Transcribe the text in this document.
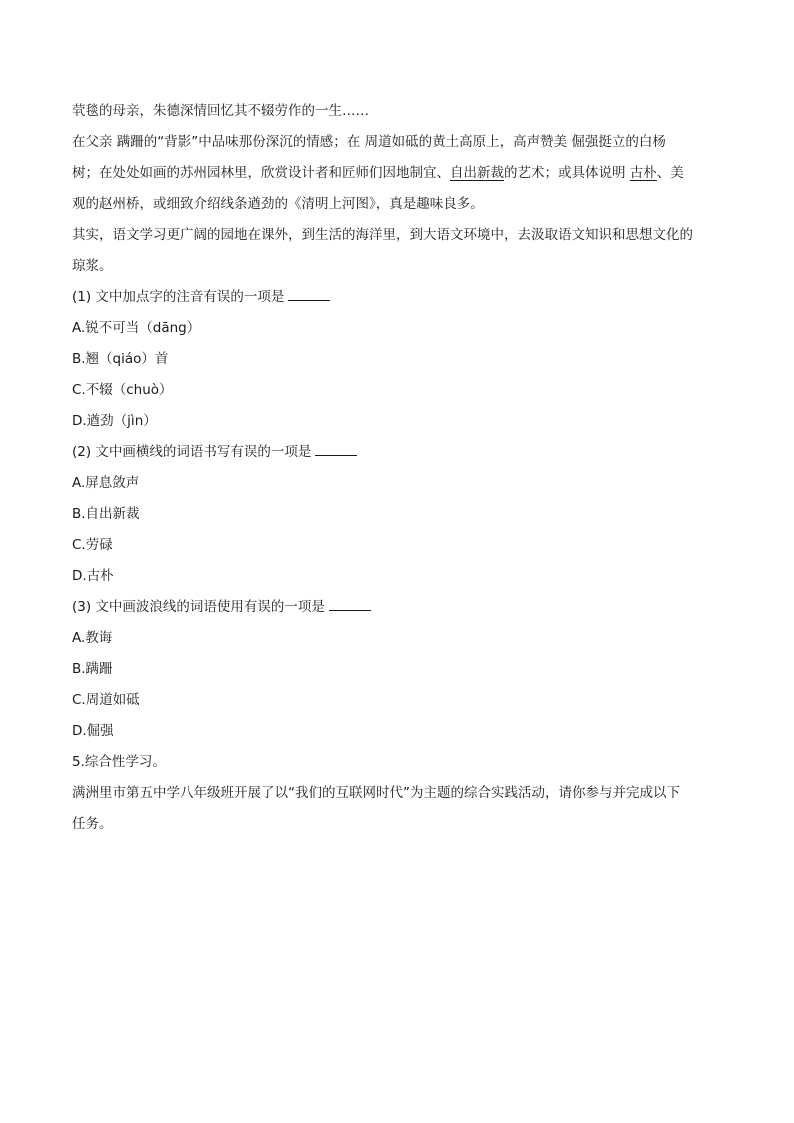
茕毯的母亲，朱德深情回忆其不辍劳作的一生……
在父亲 蹒跚的“背影”中品味那份深沉的情感；在 周道如砥的黄土高原上，高声赞美 倔强挺立的白杨
树；在处处如画的苏州园林里，欣赏设计者和匠师们因地制宜、自出新裁的艺术；或具体说明 古朴、美
观的赵州桥，或细致介绍线条遒劲的《清明上河图》，真是趣味良多。
其实，语文学习更广阔的园地在课外，到生活的海洋里，到大语文环境中，去汲取语文知识和思想文化的
琼浆。
(1) 文中加点字的注音有误的一项是
A.锐不可当（dāng）
B.翘（qiáo）首
C.不辍（chuò）
D.遒劲（jìn）
(2) 文中画横线的词语书写有误的一项是
A.屏息敛声
B.自出新裁
C.劳碌
D.古朴
(3) 文中画波浪线的词语使用有误的一项是
A.教诲
B.蹒跚
C.周道如砥
D.倔强
5.综合性学习。
满洲里市第五中学八年级班开展了以“我们的互联网时代”为主题的综合实践活动，请你参与并完成以下
任务。
